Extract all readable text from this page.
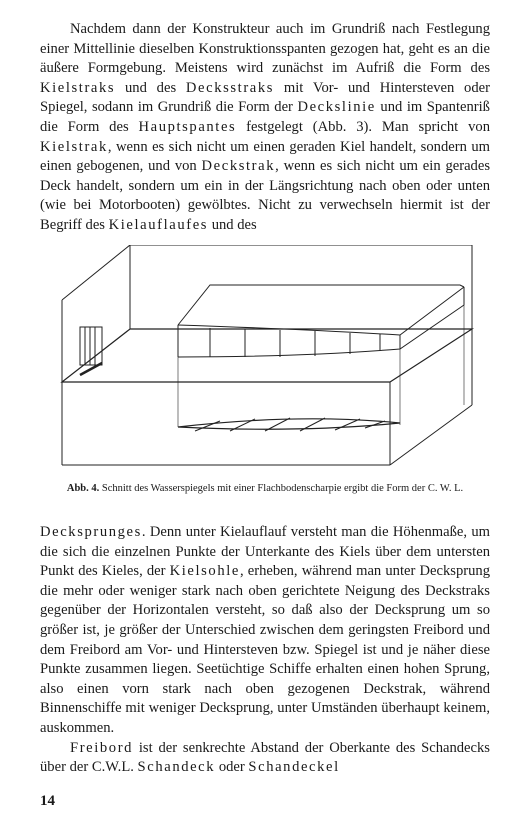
Nachdem dann der Konstrukteur auch im Grundriß nach Festlegung einer Mittellinie dieselben Konstruktionsspanten gezogen hat, geht es an die äußere Formgebung. Meistens wird zunächst im Aufriß die Form des Kielstraks und des Decksstraks mit Vor- und Hintersteven oder Spiegel, sodann im Grundriß die Form der Deckslinie und im Spantenriß die Form des Hauptspantes festgelegt (Abb. 3). Man spricht von Kielstrak, wenn es sich nicht um einen geraden Kiel handelt, sondern um einen gebogenen, und von Deckstrak, wenn es sich nicht um ein gerades Deck handelt, sondern um ein in der Längsrichtung nach oben oder unten (wie bei Motorbooten) gewölbtes. Nicht zu verwechseln hiermit ist der Begriff des Kielauflaufes und des

Abb. 4. Schnitt des Wasserspiegels mit einer Flachbodenscharpie ergibt die Form der C. W. L.

Decksprunges. Denn unter Kielauflauf versteht man die Höhenmaße, um die sich die einzelnen Punkte der Unterkante des Kiels über dem untersten Punkt des Kieles, der Kielsohle, erheben, während man unter Decksprung die mehr oder weniger stark nach oben gerichtete Neigung des Deckstraks gegenüber der Horizontalen versteht, so daß also der Decksprung um so größer ist, je größer der Unterschied zwischen dem geringsten Freibord und dem Freibord am Vor- und Hintersteven bzw. Spiegel ist und je näher diese Punkte zusammen liegen. Seetüchtige Schiffe erhalten einen hohen Sprung, also einen vorn stark nach oben gezogenen Deckstrak, während Binnenschiffe mit weniger Decksprung, unter Umständen überhaupt keinem, auskommen.

Freibord ist der senkrechte Abstand der Oberkante des Schandecks über der C.W.L. Schandeck oder Schandeckel

14
